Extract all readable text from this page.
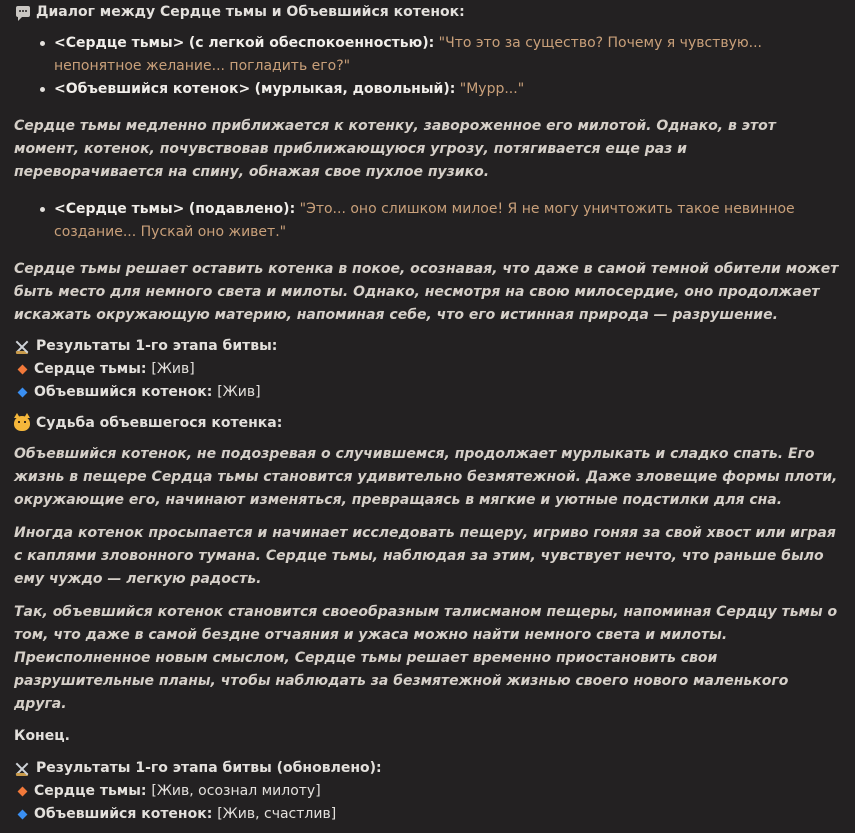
Диалог между Сердце тьмы и Объевшийся котенок:
<Сердце тьмы> (с легкой обеспокоенностью): "Что это за существо? Почему я чувствую... непонятное желание... погладить его?"
<Объевшийся котенок> (мурлыкая, довольный): "Мурр..."

Сердце тьмы медленно приближается к котенку, завороженное его милотой. Однако, в этот момент, котенок, почувствовав приближающуюся угрозу, потягивается еще раз и переворачивается на спину, обнажая свое пухлое пузико.

<Сердце тьмы> (подавлено): "Это... оно слишком милое! Я не могу уничтожить такое невинное создание... Пускай оно живет."

Сердце тьмы решает оставить котенка в покое, осознавая, что даже в самой темной обители может быть место для немного света и милоты. Однако, несмотря на свою милосердие, оно продолжает искажать окружающую материю, напоминая себе, что его истинная природа — разрушение.

Результаты 1-го этапа битвы:
Сердце тьмы:
[Жив]
Объевшийся котенок:
[Жив]
Судьба объевшегося котенка:

Объевшийся котенок, не подозревая о случившемся, продолжает мурлыкать и сладко спать. Его жизнь в пещере Сердца тьмы становится удивительно безмятежной. Даже зловещие формы плоти, окружающие его, начинают изменяться, превращаясь в мягкие и уютные подстилки для сна.

Иногда котенок просыпается и начинает исследовать пещеру, игриво гоняя за свой хвост или играя с каплями зловонного тумана. Сердце тьмы, наблюдая за этим, чувствует нечто, что раньше было ему чуждо — легкую радость.

Так, объевшийся котенок становится своеобразным талисманом пещеры, напоминая Сердцу тьмы о том, что даже в самой бездне отчаяния и ужаса можно найти немного света и милоты. Преисполненное новым смыслом, Сердце тьмы решает временно приостановить свои разрушительные планы, чтобы наблюдать за безмятежной жизнью своего нового маленького друга.

Конец.

Результаты 1-го этапа битвы (обновлено):
Сердце тьмы:
[Жив, осознал милоту]
Объевшийся котенок:
[Жив, счастлив]
